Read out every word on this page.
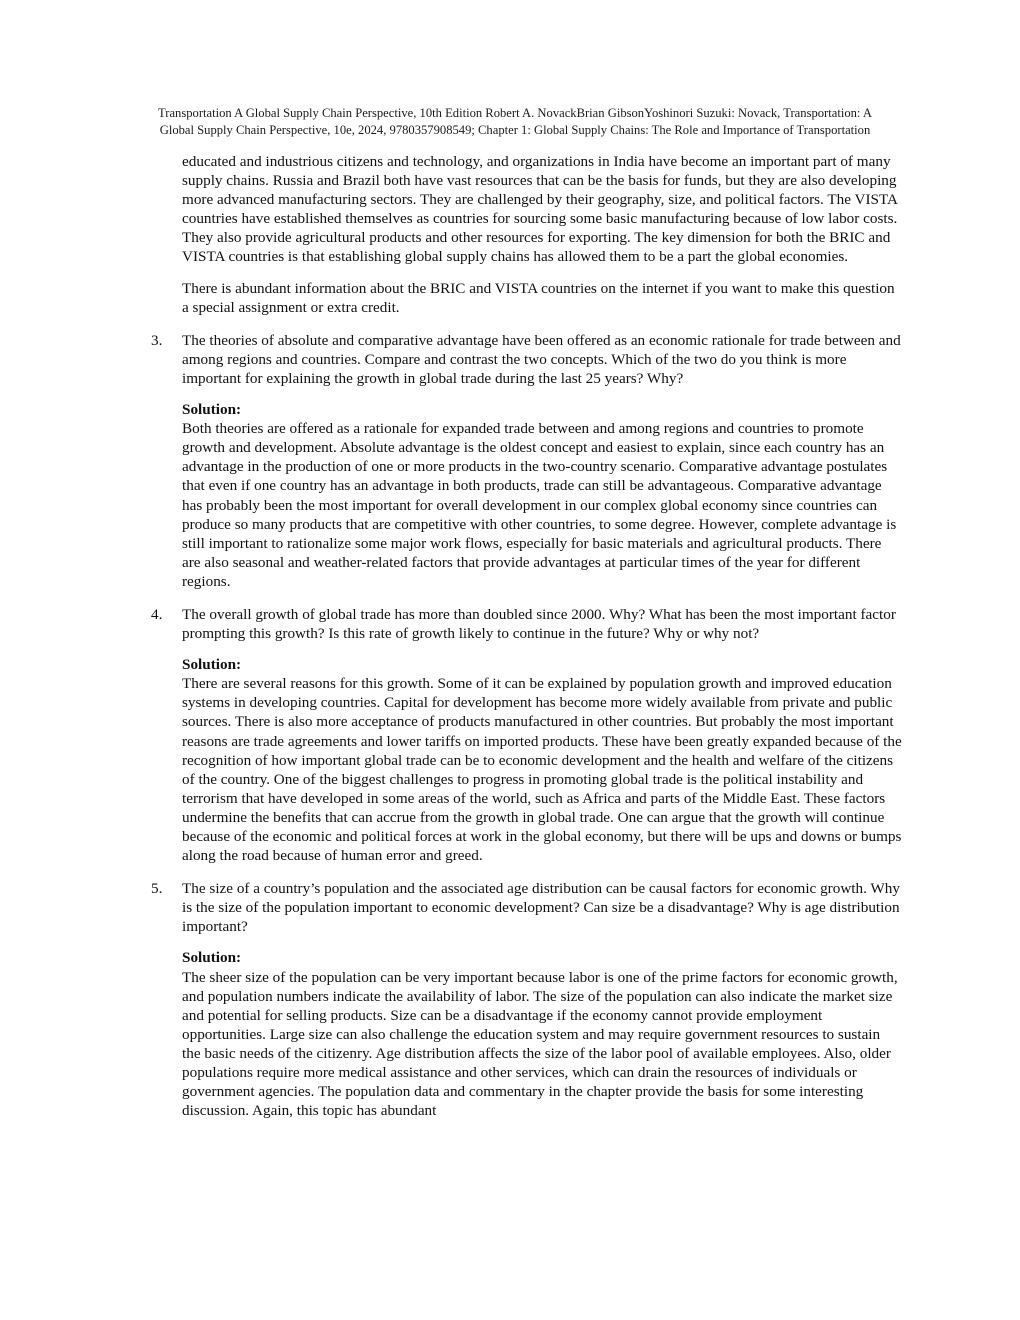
Transportation A Global Supply Chain Perspective, 10th Edition Robert A. NovackBrian GibsonYoshinori Suzuki: Novack, Transportation: A
Global Supply Chain Perspective, 10e, 2024, 9780357908549; Chapter 1: Global Supply Chains: The Role and Importance of Transportation

educated and industrious citizens and technology, and organizations in India have become an important part of many supply chains. Russia and Brazil both have vast resources that can be the basis for funds, but they are also developing more advanced manufacturing sectors. They are challenged by their geography, size, and political factors. The VISTA countries have established themselves as countries for sourcing some basic manufacturing because of low labor costs. They also provide agricultural products and other resources for exporting. The key dimension for both the BRIC and VISTA countries is that establishing global supply chains has allowed them to be a part the global economies.

There is abundant information about the BRIC and VISTA countries on the internet if you want to make this question a special assignment or extra credit.

3. The theories of absolute and comparative advantage have been offered as an economic rationale for trade between and among regions and countries. Compare and contrast the two concepts. Which of the two do you think is more important for explaining the growth in global trade during the last 25 years? Why?

Solution:

Both theories are offered as a rationale for expanded trade between and among regions and countries to promote growth and development. Absolute advantage is the oldest concept and easiest to explain, since each country has an advantage in the production of one or more products in the two-country scenario. Comparative advantage postulates that even if one country has an advantage in both products, trade can still be advantageous. Comparative advantage has probably been the most important for overall development in our complex global economy since countries can produce so many products that are competitive with other countries, to some degree. However, complete advantage is still important to rationalize some major work flows, especially for basic materials and agricultural products. There are also seasonal and weather-related factors that provide advantages at particular times of the year for different regions.

4. The overall growth of global trade has more than doubled since 2000. Why? What has been the most important factor prompting this growth? Is this rate of growth likely to continue in the future? Why or why not?

Solution:

There are several reasons for this growth. Some of it can be explained by population growth and improved education systems in developing countries. Capital for development has become more widely available from private and public sources. There is also more acceptance of products manufactured in other countries. But probably the most important reasons are trade agreements and lower tariffs on imported products. These have been greatly expanded because of the recognition of how important global trade can be to economic development and the health and welfare of the citizens of the country. One of the biggest challenges to progress in promoting global trade is the political instability and terrorism that have developed in some areas of the world, such as Africa and parts of the Middle East. These factors undermine the benefits that can accrue from the growth in global trade. One can argue that the growth will continue because of the economic and political forces at work in the global economy, but there will be ups and downs or bumps along the road because of human error and greed.

5. The size of a country’s population and the associated age distribution can be causal factors for economic growth. Why is the size of the population important to economic development? Can size be a disadvantage? Why is age distribution important?

Solution:

The sheer size of the population can be very important because labor is one of the prime factors for economic growth, and population numbers indicate the availability of labor. The size of the population can also indicate the market size and potential for selling products. Size can be a disadvantage if the economy cannot provide employment opportunities. Large size can also challenge the education system and may require government resources to sustain the basic needs of the citizenry. Age distribution affects the size of the labor pool of available employees. Also, older populations require more medical assistance and other services, which can drain the resources of individuals or government agencies. The population data and commentary in the chapter provide the basis for some interesting discussion. Again, this topic has abundant
